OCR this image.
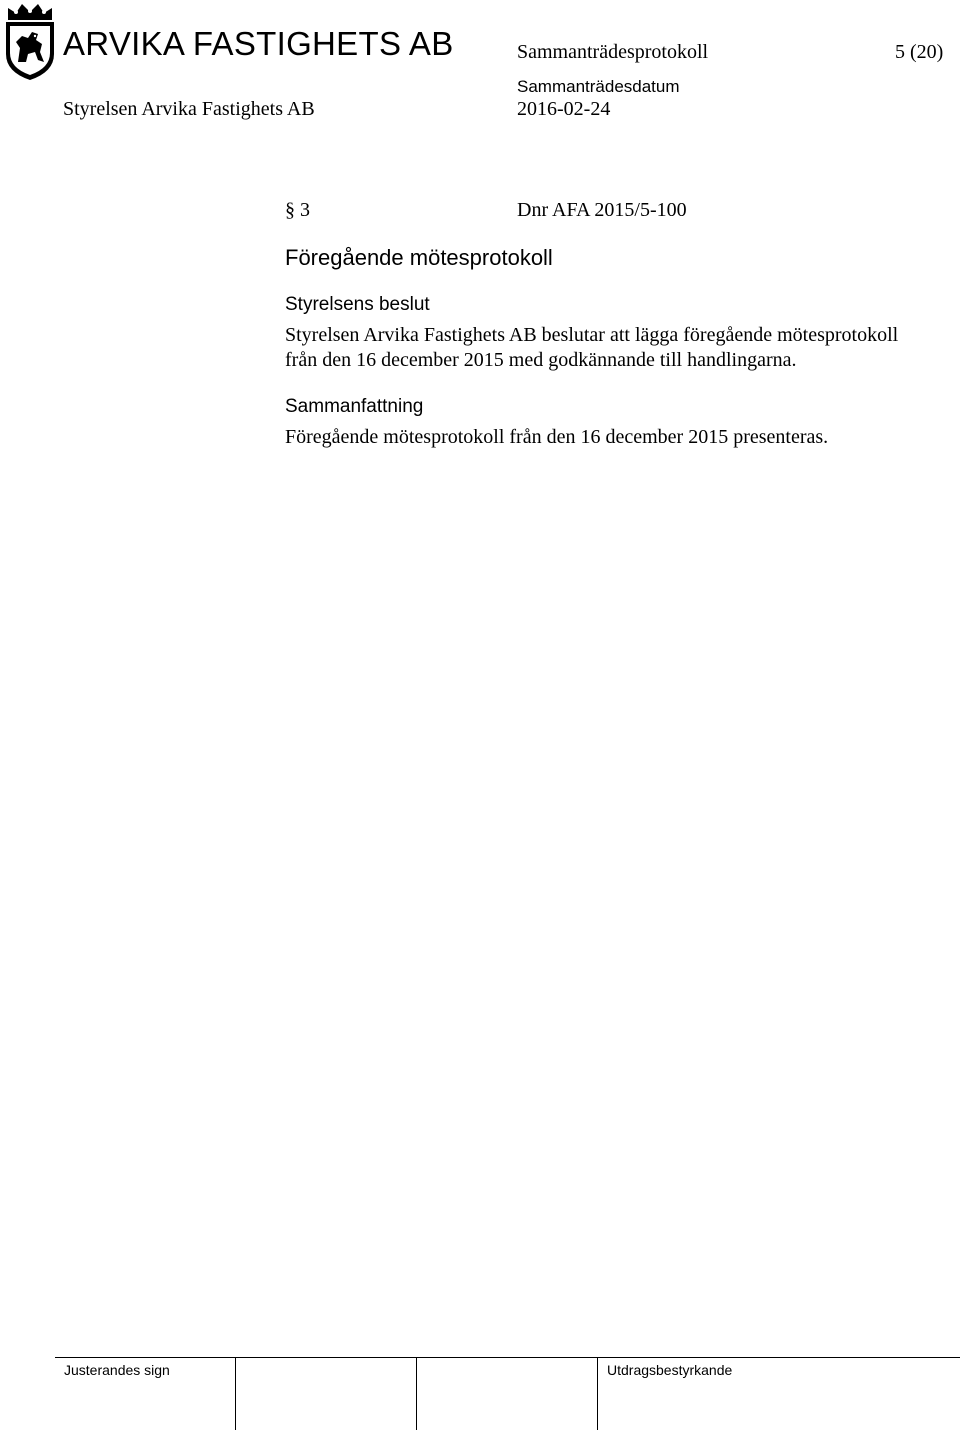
ARVIKA FASTIGHETS AB	Sammanträdesprotokoll	5 (20)
Styrelsen Arvika Fastighets AB
Sammanträdesdatum
2016-02-24
§ 3	Dnr AFA 2015/5-100
Föregående mötesprotokoll
Styrelsens beslut
Styrelsen Arvika Fastighets AB beslutar att lägga föregående mötesprotokoll
från den 16 december 2015 med godkännande till handlingarna.
Sammanfattning
Föregående mötesprotokoll från den 16 december 2015 presenteras.
Justerandes sign	Utdragsbestyrkande
